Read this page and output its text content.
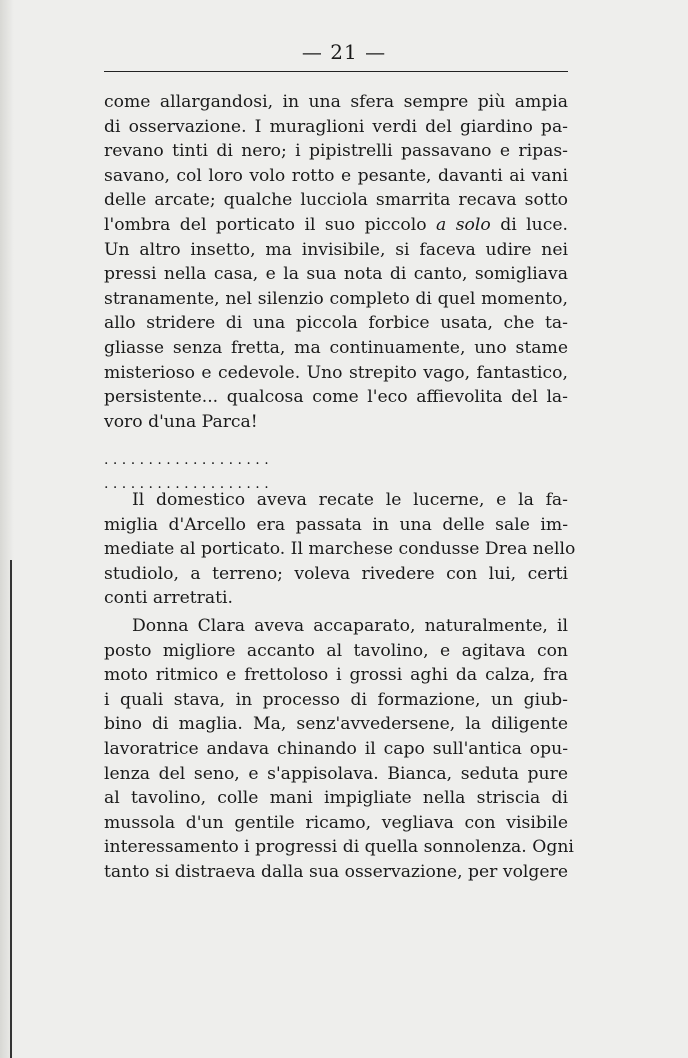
— 21 —
come allargandosi, in una sfera sempre più ampia
di osservazione. I muraglioni verdi del giardino pa-
revano tinti di nero; i pipistrelli passavano e ripas-
savano, col loro volo rotto e pesante, davanti ai vani
delle arcate; qualche lucciola smarrita recava sotto
l'ombra del porticato il suo piccolo a solo di luce.
Un altro insetto, ma invisibile, si faceva udire nei
pressi nella casa, e la sua nota di canto, somigliava
stranamente, nel silenzio completo di quel momento,
allo stridere di una piccola forbice usata, che ta-
gliasse senza fretta, ma continuamente, uno stame
misterioso e cedevole. Uno strepito vago, fantastico,
persistente... qualcosa come l'eco affievolita del la-
voro d'una Parca!
. . . . . . . . . . . . . . . . . . .
. . . . . . . . . . . . . . . . . . .
Il domestico aveva recate le lucerne, e la fa-
miglia d'Arcello era passata in una delle sale im-
mediate al porticato. Il marchese condusse Drea nello
studiolo, a terreno; voleva rivedere con lui, certi
conti arretrati.
Donna Clara aveva accaparato, naturalmente, il
posto migliore accanto al tavolino, e agitava con
moto ritmico e frettoloso i grossi aghi da calza, fra
i quali stava, in processo di formazione, un giub-
bino di maglia. Ma, senz'avvedersene, la diligente
lavoratrice andava chinando il capo sull'antica opu-
lenza del seno, e s'appisolava. Bianca, seduta pure
al tavolino, colle mani impigliate nella striscia di
mussola d'un gentile ricamo, vegliava con visibile
interessamento i progressi di quella sonnolenza. Ogni
tanto si distraeva dalla sua osservazione, per volgere
